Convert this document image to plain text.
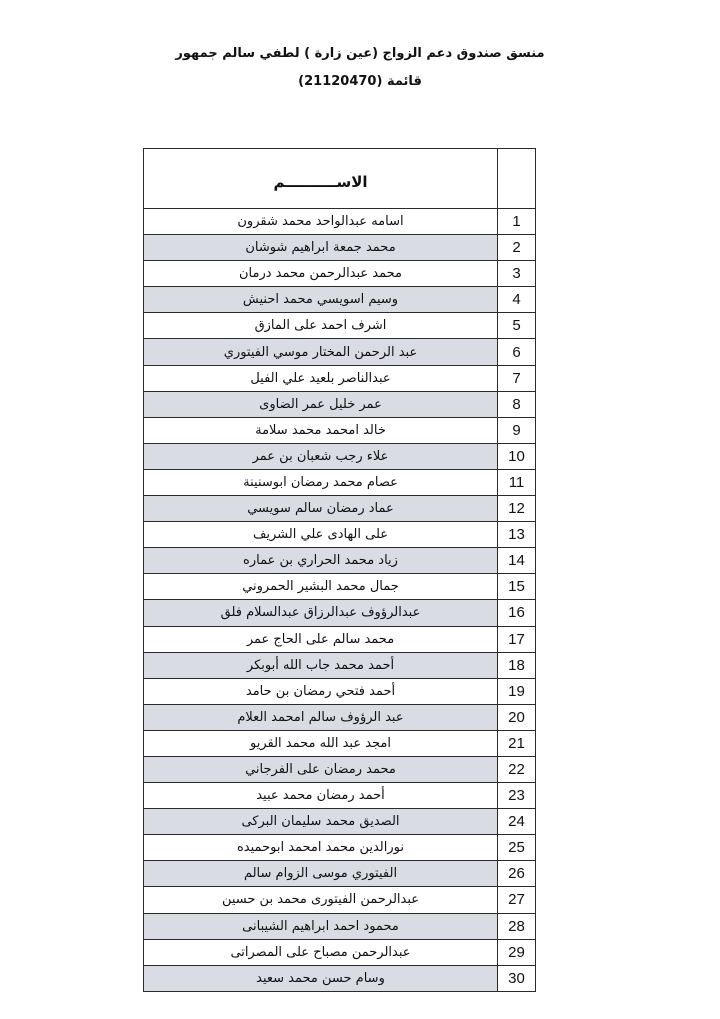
منسق صندوق دعم الزواج (عين زارة ) لطفي سالم جمهور
قائمة (21120470)
	الاســــــــــم
1	اسامه عبدالواحد محمد شقرون
2	محمد جمعة ابراهيم شوشان
3	محمد عبدالرحمن محمد درمان
4	وسيم اسويسي محمد احنيش
5	اشرف احمد على المازق
6	عبد الرحمن المختار موسي الفيتوري
7	عبدالناصر بلعيد علي الفيل
8	عمر خليل عمر الضاوى
9	خالد امحمد محمد سلامة
10	علاء رجب شعبان بن عمر
11	عصام محمد رمضان ابوسنينة
12	عماد رمضان سالم سويسي
13	على الهادى علي الشريف
14	زياد محمد الحراري بن عماره
15	جمال محمد البشير الحمروني
16	عبدالرؤوف عبدالرزاق عبدالسلام فلق
17	محمد سالم على الحاج عمر
18	أحمد محمد جاب الله أبوبكر
19	أحمد فتحي رمضان بن حامد
20	عبد الرؤوف سالم امحمد العلام
21	امجد عبد الله محمد القريو
22	محمد رمضان على الفرجاني
23	أحمد رمضان محمد عبيد
24	الصديق محمد سليمان البركى
25	نورالدين محمد امحمد ابوحميده
26	الفيتوري موسى الزوام سالم
27	عبدالرحمن الفيتورى محمد بن حسين
28	محمود احمد ابراهيم الشيبانى
29	عبدالرحمن مصباح على المصراتى
30	وسام حسن محمد سعيد
